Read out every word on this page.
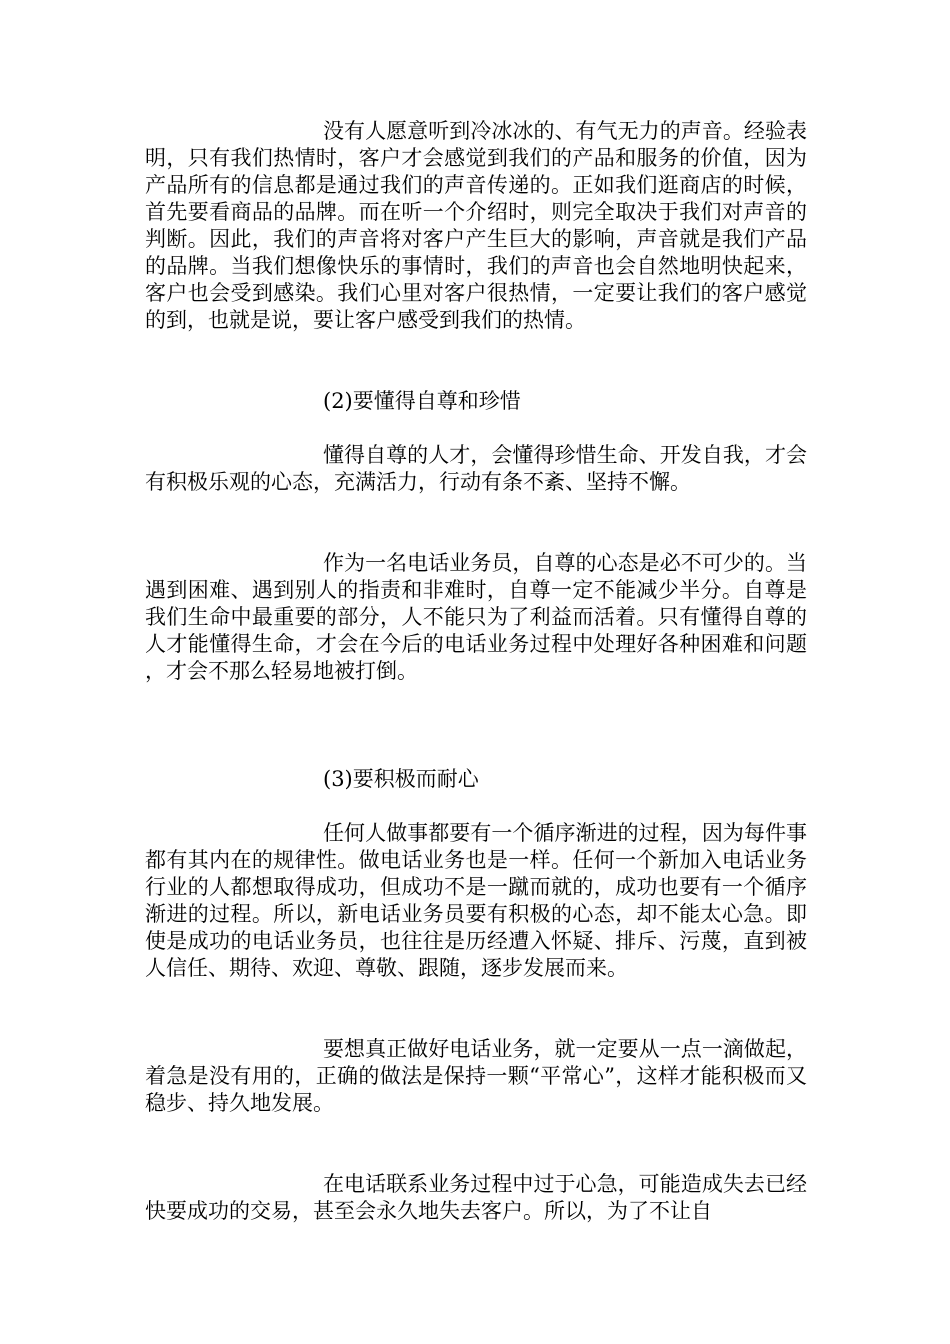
没有人愿意听到冷冰冰的、有气无力的声音。经验表明，只有我们热情时，客户才会感觉到我们的产品和服务的价值，因为产品所有的信息都是通过我们的声音传递的。正如我们逛商店的时候，首先要看商品的品牌。而在听一个介绍时，则完全取决于我们对声音的判断。因此，我们的声音将对客户产生巨大的影响，声音就是我们产品的品牌。当我们想像快乐的事情时，我们的声音也会自然地明快起来，客户也会受到感染。我们心里对客户很热情，一定要让我们的客户感觉的到，也就是说，要让客户感受到我们的热情。

(2)要懂得自尊和珍惜

懂得自尊的人才，会懂得珍惜生命、开发自我，才会有积极乐观的心态，充满活力，行动有条不紊、坚持不懈。

作为一名电话业务员，自尊的心态是必不可少的。当遇到困难、遇到别人的指责和非难时，自尊一定不能减少半分。自尊是我们生命中最重要的部分，人不能只为了利益而活着。只有懂得自尊的人才能懂得生命，才会在今后的电话业务过程中处理好各种困难和问题，才会不那么轻易地被打倒。

(3)要积极而耐心

任何人做事都要有一个循序渐进的过程，因为每件事都有其内在的规律性。做电话业务也是一样。任何一个新加入电话业务行业的人都想取得成功，但成功不是一蹴而就的，成功也要有一个循序渐进的过程。所以，新电话业务员要有积极的心态，却不能太心急。即使是成功的电话业务员，也往往是历经遭入怀疑、排斥、污蔑，直到被人信任、期待、欢迎、尊敬、跟随，逐步发展而来。

要想真正做好电话业务，就一定要从一点一滴做起，着急是没有用的，正确的做法是保持一颗“平常心”，这样才能积极而又稳步、持久地发展。

在电话联系业务过程中过于心急，可能造成失去已经快要成功的交易，甚至会永久地失去客户。所以，为了不让自
